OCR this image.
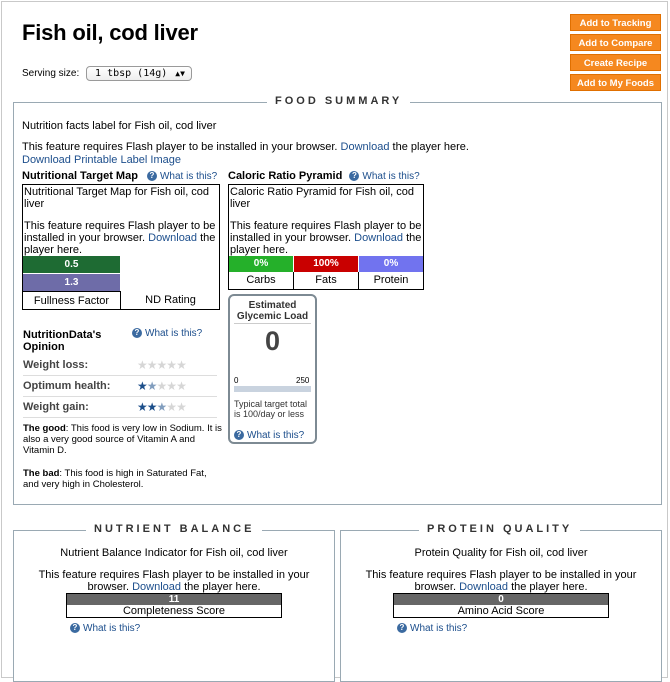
Fish oil, cod liver
Serving size: 1 tbsp (14g) ▲▼
Add to Tracking
Add to Compare
Create Recipe
Add to My Foods
FOOD SUMMARY
Nutrition facts label for Fish oil, cod liver
This feature requires Flash player to be installed in your browser. Download the player here.
Download Printable Label Image
Nutritional Target Map ? What is this?
Nutritional Target Map for Fish oil, cod liver
This feature requires Flash player to be installed in your browser. Download the player here.
0.5
1.3
Fullness Factor	ND Rating
Caloric Ratio Pyramid ? What is this?
Caloric Ratio Pyramid for Fish oil, cod liver
This feature requires Flash player to be installed in your browser. Download the player here.
0%	100%	0%
Carbs	Fats	Protein
NutritionData's Opinion
? What is this?
Weight loss:	★★★★★
Optimum health: ★★★★★
Weight gain:	★★★★★
The good: This food is very low in Sodium. It is also a very good source of Vitamin A and Vitamin D.
The bad: This food is high in Saturated Fat, and very high in Cholesterol.
Estimated Glycemic Load
0
0	250
Typical target total is 100/day or less
? What is this?
NUTRIENT BALANCE
Nutrient Balance Indicator for Fish oil, cod liver
This feature requires Flash player to be installed in your browser. Download the player here.
11
Completeness Score
? What is this?
PROTEIN QUALITY
Protein Quality for Fish oil, cod liver
This feature requires Flash player to be installed in your browser. Download the player here.
0
Amino Acid Score
? What is this?
